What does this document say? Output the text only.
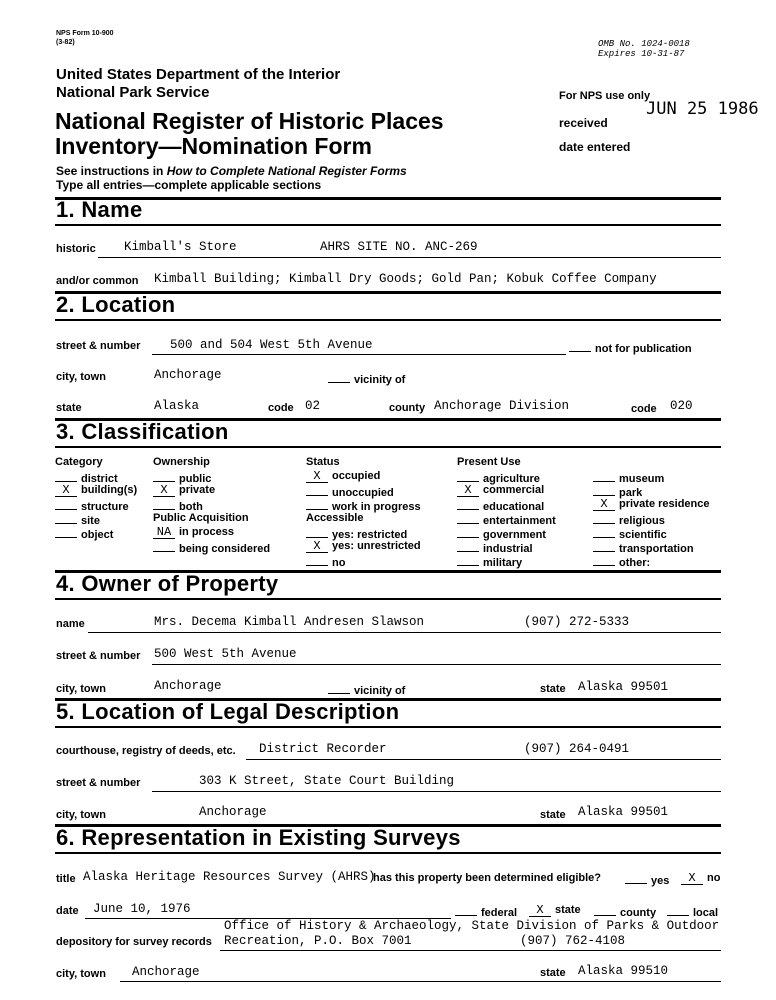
NPS Form 10-900
(3-82)	OMB No. 1024-0018
Expires 10-31-87
United States Department of the Interior
National Park Service
National Register of Historic Places
Inventory—Nomination Form
See instructions in How to Complete National Register Forms
Type all entries—complete applicable sections
For NPS use only
received
JUN 25 1986
date entered
1. Name
historic Kimball's Store	AHRS SITE NO. ANC-269
and/or common Kimball Building; Kimball Dry Goods; Gold Pan; Kobuk Coffee Company
2. Location
street & number 500 and 504 West 5th Avenue	not for publication
city, town	Anchorage	vicinity of
state	Alaska	code 02	county Anchorage Division	code 020
3. Classification
Category
district
X building(s)
structure
site
object
Ownership
public
X private
both
Public Acquisition
NA in process
being considered
Status
X occupied
unoccupied
work in progress
Accessible
yes: restricted
X yes: unrestricted
no
Present Use
agriculture
X commercial
educational
entertainment
government
industrial
military
museum
park
X private residence
religious
scientific
transportation
other:
4. Owner of Property
name	Mrs. Decema Kimball Andresen Slawson	(907) 272-5333
street & number 500 West 5th Avenue
city, town	Anchorage	vicinity of	state Alaska 99501
5. Location of Legal Description
courthouse, registry of deeds, etc. District Recorder	(907) 264-0491
street & number	303 K Street, State Court Building
city, town	Anchorage	state Alaska 99501
6. Representation in Existing Surveys
title Alaska Heritage Resources Survey (AHRS)
has this property been determined eligible?	yes	X no
date June 10, 1976	federal	X state	county	local
Office of History & Archaeology, State Division of Parks & Outdoor
depository for survey records Recreation, P.O. Box 7001	(907) 762-4108
city, town Anchorage	state Alaska 99510
